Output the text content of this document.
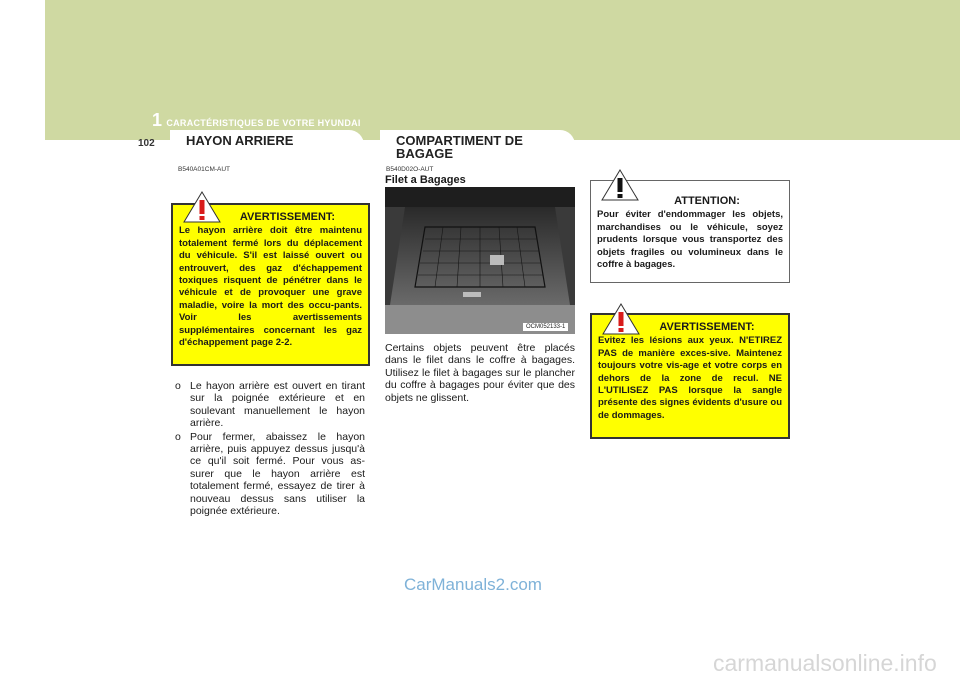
1 CARACTÉRISTIQUES DE VOTRE HYUNDAI
102	HAYON ARRIERE	COMPARTIMENT DE BAGAGE
B540A01CM-AUT
AVERTISSEMENT:
Le hayon arrière doit être maintenu totalement fermé lors du déplacement du véhicule. S'il est laissé ouvert ou entrouvert, des gaz d'échappement toxiques risquent de pénétrer dans le véhicule et de provoquer une grave maladie, voire la mort des occu-pants. Voir les avertissements supplémentaires concernant les gaz d'échappement page 2-2.
o Le hayon arrière est ouvert en tirant sur la poignée extérieure et en soulevant manuellement le hayon arrière.
o Pour fermer, abaissez le hayon arrière, puis appuyez dessus jusqu'à ce qu'il soit fermé. Pour vous as-surer que le hayon arrière est totalement fermé, essayez de tirer à nouveau dessus sans utiliser la poignée extérieure.
B540D02O-AUT
Filet a Bagages
OCM052133-1
Certains objets peuvent être placés dans le filet dans le coffre à bagages. Utilisez le filet à bagages sur le plancher du coffre à bagages pour éviter que des objets ne glissent.
ATTENTION:
Pour éviter d'endommager les objets, marchandises ou le véhicule, soyez prudents lorsque vous transportez des objets fragiles ou volumineux dans le coffre à bagages.
AVERTISSEMENT:
Evitez les lésions aux yeux. N'ETIREZ PAS de manière exces-sive. Maintenez toujours votre vis-age et votre corps en dehors de la zone de recul. NE L'UTILISEZ PAS lorsque la sangle présente des signes évidents d'usure ou de dommages.
CarManuals2.com
carmanualsonline.info
